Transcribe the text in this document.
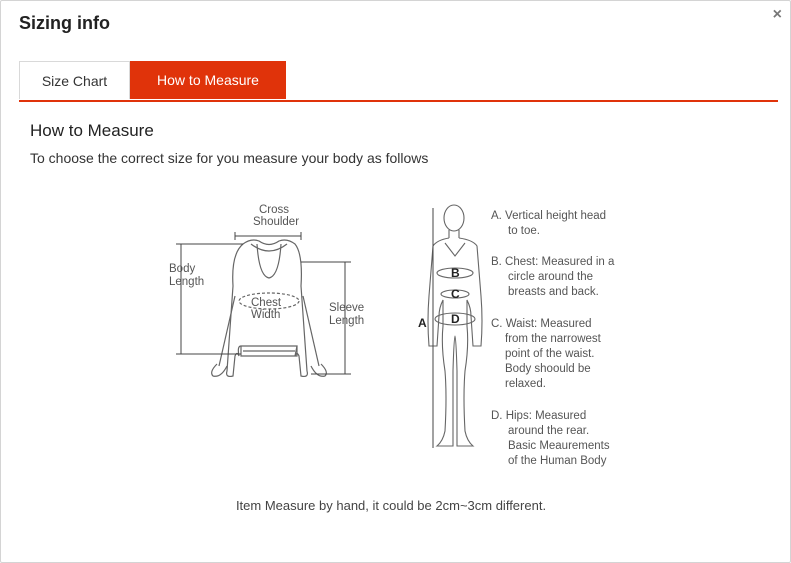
Sizing info	×
Size Chart	How to Measure
How to Measure
To choose the correct size for you measure your body as follows
Cross
Shoulder
Body
Length
Chest
Width
Sleeve
Length	A
B
C
D
A. Vertical height head
to toe.
B. Chest: Measured in a
circle around the
breasts and back.
C. Waist: Measured
from the narrowest
point of the waist.
Body shoould be
relaxed.
D. Hips: Measured
around the rear.
Basic Meaurements
of the Human Body
Item Measure by hand, it could be 2cm~3cm different.
